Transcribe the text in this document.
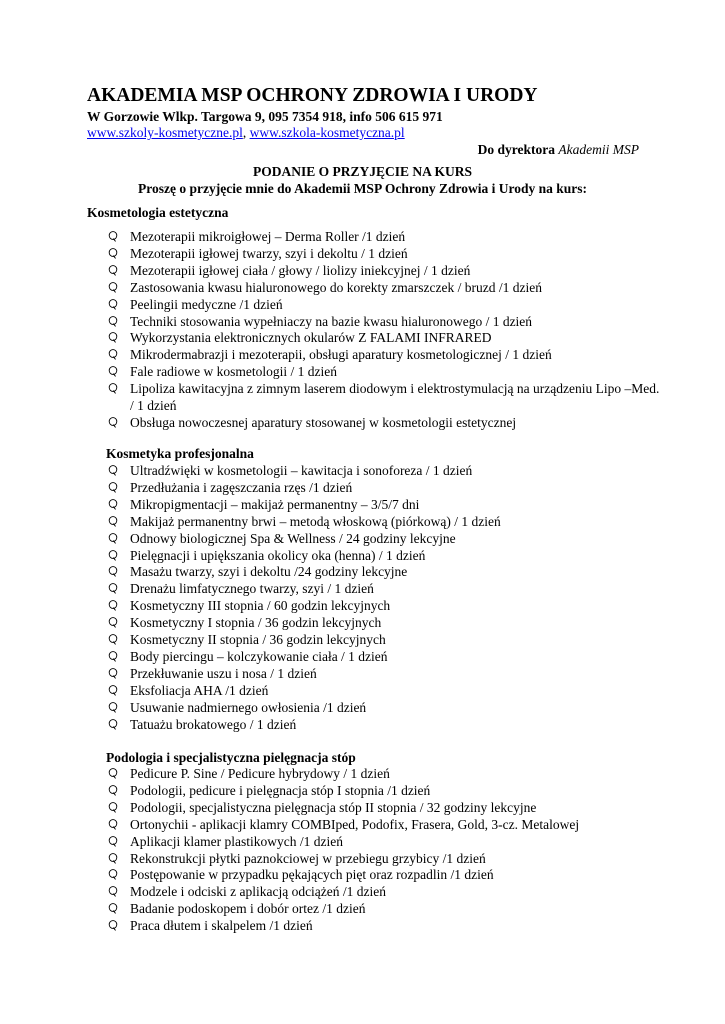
AKADEMIA MSP OCHRONY ZDROWIA I URODY
W Gorzowie Wlkp. Targowa 9, 095 7354 918, info 506 615 971
www.szkoly-kosmetyczne.pl, www.szkola-kosmetyczna.pl
Do dyrektora Akademii MSP
PODANIE O PRZYJĘCIE NA KURS
Proszę o przyjęcie mnie do Akademii MSP Ochrony Zdrowia i Urody na kurs:
Kosmetologia estetyczna
Mezoterapii mikroigłowej – Derma Roller /1 dzień
Mezoterapii igłowej twarzy, szyi i dekoltu / 1 dzień
Mezoterapii igłowej ciała / głowy / liolizy iniekcyjnej / 1 dzień
Zastosowania kwasu hialuronowego do korekty zmarszczek / bruzd /1 dzień
Peelingii medyczne /1 dzień
Techniki stosowania wypełniaczy na bazie kwasu hialuronowego / 1 dzień
Wykorzystania elektronicznych okularów Z FALAMI INFRARED
Mikrodermabrazji i mezoterapii, obsługi aparatury kosmetologicznej / 1 dzień
Fale radiowe w kosmetologii / 1 dzień
Lipoliza kawitacyjna z zimnym laserem diodowym i elektrostymulacją na urządzeniu Lipo –Med. / 1 dzień
Obsługa nowoczesnej aparatury stosowanej w kosmetologii estetycznej
Kosmetyka profesjonalna
Ultradźwięki w kosmetologii – kawitacja i sonoforeza / 1 dzień
Przedłużania i zagęszczania rzęs /1 dzień
Mikropigmentacji – makijaż permanentny – 3/5/7 dni
Makijaż permanentny brwi – metodą włoskową (piórkową) / 1 dzień
Odnowy biologicznej Spa & Wellness / 24 godziny lekcyjne
Pielęgnacji i upiększania okolicy oka (henna) / 1 dzień
Masażu twarzy, szyi i dekoltu /24 godziny lekcyjne
Drenażu limfatycznego twarzy, szyi / 1 dzień
Kosmetyczny III stopnia / 60 godzin lekcyjnych
Kosmetyczny I stopnia / 36 godzin lekcyjnych
Kosmetyczny II stopnia / 36 godzin lekcyjnych
Body piercingu – kolczykowanie ciała / 1 dzień
Przekłuwanie uszu i nosa / 1 dzień
Eksfoliacja AHA /1 dzień
Usuwanie nadmiernego owłosienia /1 dzień
Tatuażu brokatowego / 1 dzień
Podologia i specjalistyczna pielęgnacja stóp
Pedicure P. Sine / Pedicure hybrydowy / 1 dzień
Podologii, pedicure i pielęgnacja stóp I stopnia /1 dzień
Podologii, specjalistyczna pielęgnacja stóp II stopnia / 32 godziny lekcyjne
Ortonychii - aplikacji klamry COMBIped, Podofix, Frasera, Gold, 3-cz. Metalowej
Aplikacji klamer plastikowych /1 dzień
Rekonstrukcji płytki paznokciowej w przebiegu grzybicy /1 dzień
Postępowanie w przypadku pękających pięt oraz rozpadlin /1 dzień
Modzele i odciski z aplikacją odciążeń /1 dzień
Badanie podoskopem i dobór ortez /1 dzień
Praca dłutem i skalpelem /1 dzień
